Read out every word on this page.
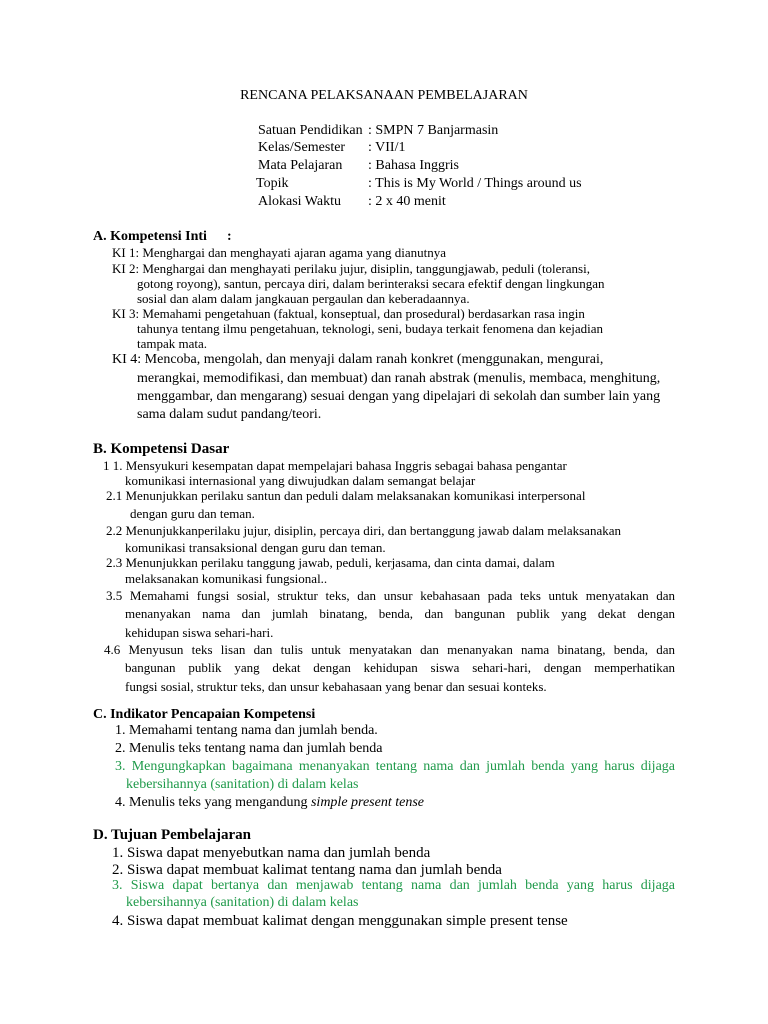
RENCANA PELAKSANAAN PEMBELAJARAN
Satuan Pendidikan : SMPN 7 Banjarmasin
Kelas/Semester : VII/1
Mata Pelajaran : Bahasa Inggris
Topik	: This is My World / Things around us
Alokasi Waktu : 2 x 40 menit
A. Kompetensi Inti :
KI 1: Menghargai dan menghayati ajaran agama yang dianutnya
KI 2: Menghargai dan menghayati perilaku jujur, disiplin, tanggungjawab, peduli (toleransi,
gotong royong), santun, percaya diri, dalam berinteraksi secara efektif dengan lingkungan
sosial dan alam dalam jangkauan pergaulan dan keberadaannya.
KI 3: Memahami pengetahuan (faktual, konseptual, dan prosedural) berdasarkan rasa ingin
tahunya tentang ilmu pengetahuan, teknologi, seni, budaya terkait fenomena dan kejadian
tampak mata.
KI 4: Mencoba, mengolah, dan menyaji dalam ranah konkret (menggunakan, mengurai,
merangkai, memodifikasi, dan membuat) dan ranah abstrak (menulis, membaca, menghitung,
menggambar, dan mengarang) sesuai dengan yang dipelajari di sekolah dan sumber lain yang
sama dalam sudut pandang/teori.
B. Kompetensi Dasar
1 1. Mensyukuri kesempatan dapat mempelajari bahasa Inggris sebagai bahasa pengantar
komunikasi internasional yang diwujudkan dalam semangat belajar
2.1 Menunjukkan perilaku santun dan peduli dalam melaksanakan komunikasi interpersonal
dengan guru dan teman.
2.2 Menunjukkanperilaku jujur, disiplin, percaya diri, dan bertanggung jawab dalam melaksanakan
komunikasi transaksional dengan guru dan teman.
2.3 Menunjukkan perilaku tanggung jawab, peduli, kerjasama, dan cinta damai, dalam
melaksanakan komunikasi fungsional..
3.5 Memahami fungsi sosial, struktur teks, dan unsur kebahasaan pada teks untuk menyatakan dan
menanyakan nama dan jumlah binatang, benda, dan bangunan publik yang dekat dengan
kehidupan siswa sehari-hari.
4.6 Menyusun teks lisan dan tulis untuk menyatakan dan menanyakan nama binatang, benda, dan
bangunan publik yang dekat dengan kehidupan siswa sehari-hari, dengan memperhatikan
fungsi sosial, struktur teks, dan unsur kebahasaan yang benar dan sesuai konteks.
C. Indikator Pencapaian Kompetensi
1. Memahami tentang nama dan jumlah benda.
2. Menulis teks tentang nama dan jumlah benda
3. Mengungkapkan bagaimana menanyakan tentang nama dan jumlah benda yang harus dijaga
kebersihannya (sanitation) di dalam kelas
4. Menulis teks yang mengandung simple present tense
D. Tujuan Pembelajaran
1. Siswa dapat menyebutkan nama dan jumlah benda
2. Siswa dapat membuat kalimat tentang nama dan jumlah benda
3. Siswa dapat bertanya dan menjawab tentang nama dan jumlah benda yang harus dijaga
kebersihannya (sanitation) di dalam kelas
4. Siswa dapat membuat kalimat dengan menggunakan simple present tense
